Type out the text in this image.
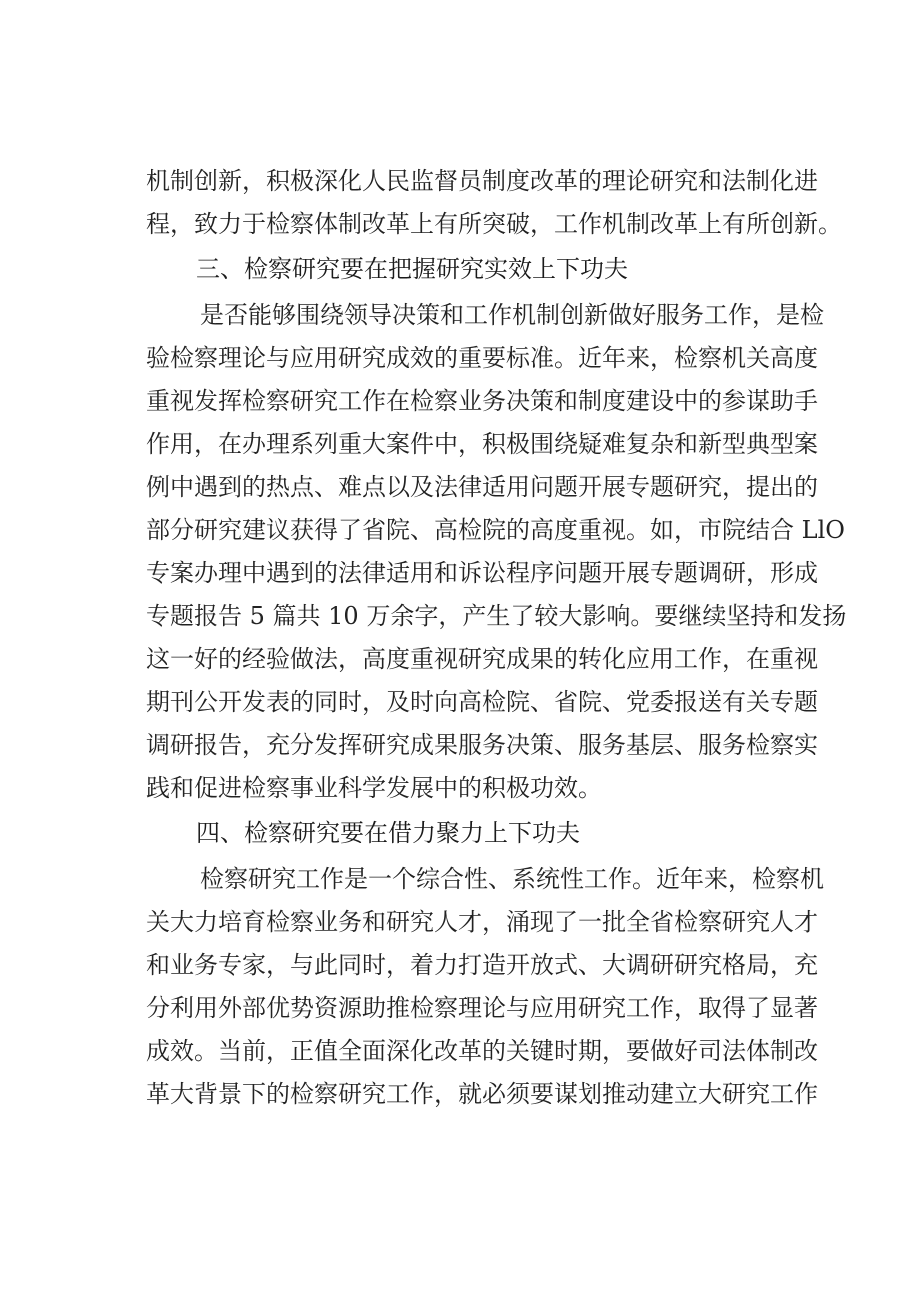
机制创新，积极深化人民监督员制度改革的理论研究和法制化进
程，致力于检察体制改革上有所突破，工作机制改革上有所创新。
三、检察研究要在把握研究实效上下功夫
是否能够围绕领导决策和工作机制创新做好服务工作，是检
验检察理论与应用研究成效的重要标准。近年来，检察机关高度
重视发挥检察研究工作在检察业务决策和制度建设中的参谋助手
作用，在办理系列重大案件中，积极围绕疑难复杂和新型典型案
例中遇到的热点、难点以及法律适用问题开展专题研究，提出的
部分研究建议获得了省院、高检院的高度重视。如，市院结合 LlO
专案办理中遇到的法律适用和诉讼程序问题开展专题调研，形成
专题报告 5 篇共 10 万余字，产生了较大影响。要继续坚持和发扬
这一好的经验做法，高度重视研究成果的转化应用工作，在重视
期刊公开发表的同时，及时向高检院、省院、党委报送有关专题
调研报告，充分发挥研究成果服务决策、服务基层、服务检察实
践和促进检察事业科学发展中的积极功效。
四、检察研究要在借力聚力上下功夫
检察研究工作是一个综合性、系统性工作。近年来，检察机
关大力培育检察业务和研究人才，涌现了一批全省检察研究人才
和业务专家，与此同时，着力打造开放式、大调研研究格局，充
分利用外部优势资源助推检察理论与应用研究工作，取得了显著
成效。当前，正值全面深化改革的关键时期，要做好司法体制改
革大背景下的检察研究工作，就必须要谋划推动建立大研究工作
